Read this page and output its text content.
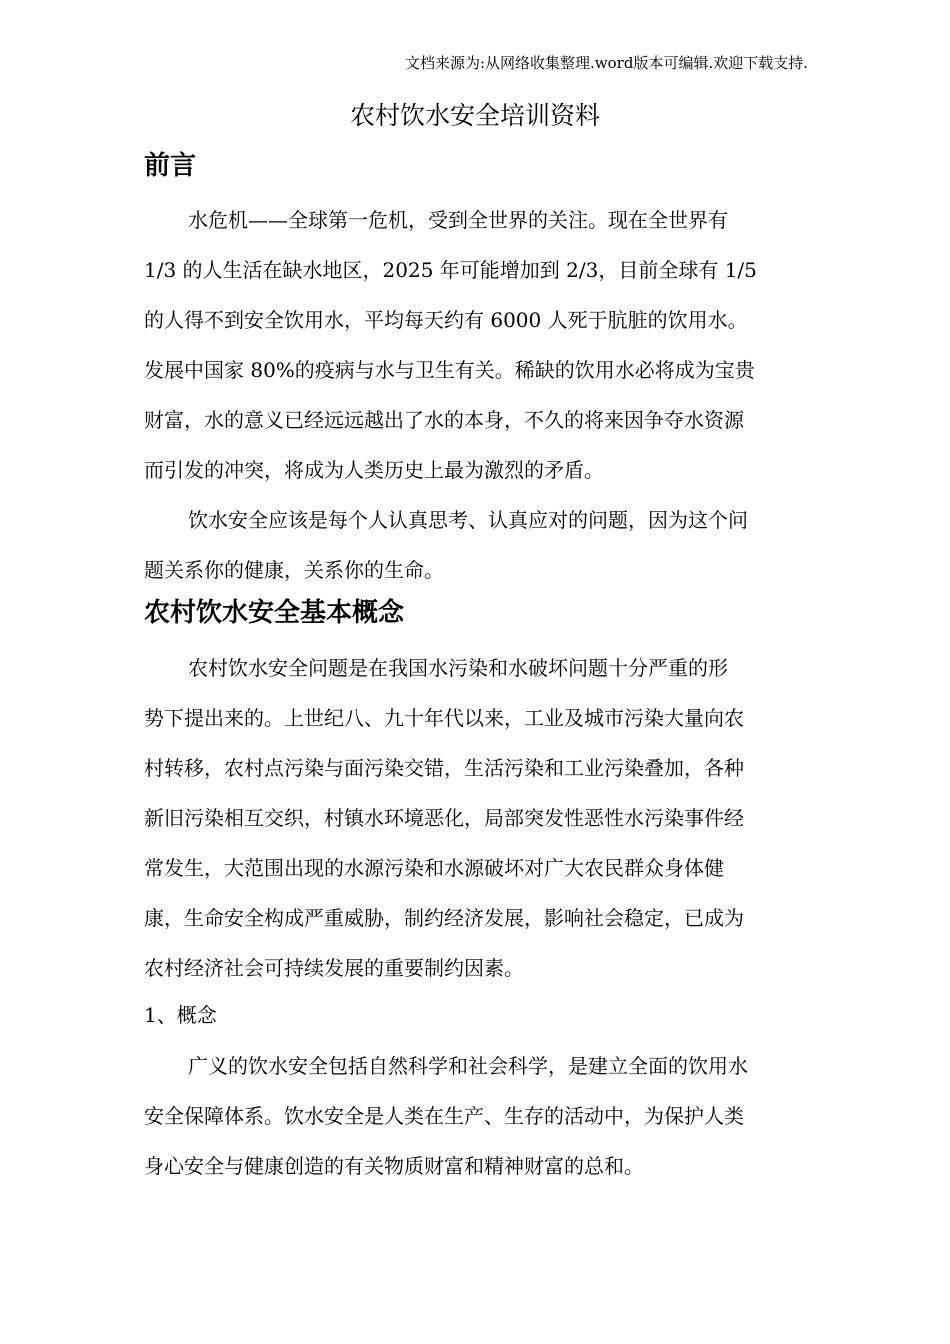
文档来源为:从网络收集整理.word版本可编辑.欢迎下载支持.
农村饮水安全培训资料
前言
水危机——全球第一危机，受到全世界的关注。现在全世界有
1/3 的人生活在缺水地区，2025 年可能增加到 2/3，目前全球有 1/5
的人得不到安全饮用水，平均每天约有 6000 人死于肮脏的饮用水。
发展中国家 80%的疫病与水与卫生有关。稀缺的饮用水必将成为宝贵
财富，水的意义已经远远越出了水的本身，不久的将来因争夺水资源
而引发的冲突，将成为人类历史上最为激烈的矛盾。
饮水安全应该是每个人认真思考、认真应对的问题，因为这个问
题关系你的健康，关系你的生命。
农村饮水安全基本概念
农村饮水安全问题是在我国水污染和水破坏问题十分严重的形
势下提出来的。上世纪八、九十年代以来，工业及城市污染大量向农
村转移，农村点污染与面污染交错，生活污染和工业污染叠加，各种
新旧污染相互交织，村镇水环境恶化，局部突发性恶性水污染事件经
常发生，大范围出现的水源污染和水源破坏对广大农民群众身体健
康，生命安全构成严重威胁，制约经济发展，影响社会稳定，已成为
农村经济社会可持续发展的重要制约因素。
1、概念
广义的饮水安全包括自然科学和社会科学，是建立全面的饮用水
安全保障体系。饮水安全是人类在生产、生存的活动中，为保护人类
身心安全与健康创造的有关物质财富和精神财富的总和。
